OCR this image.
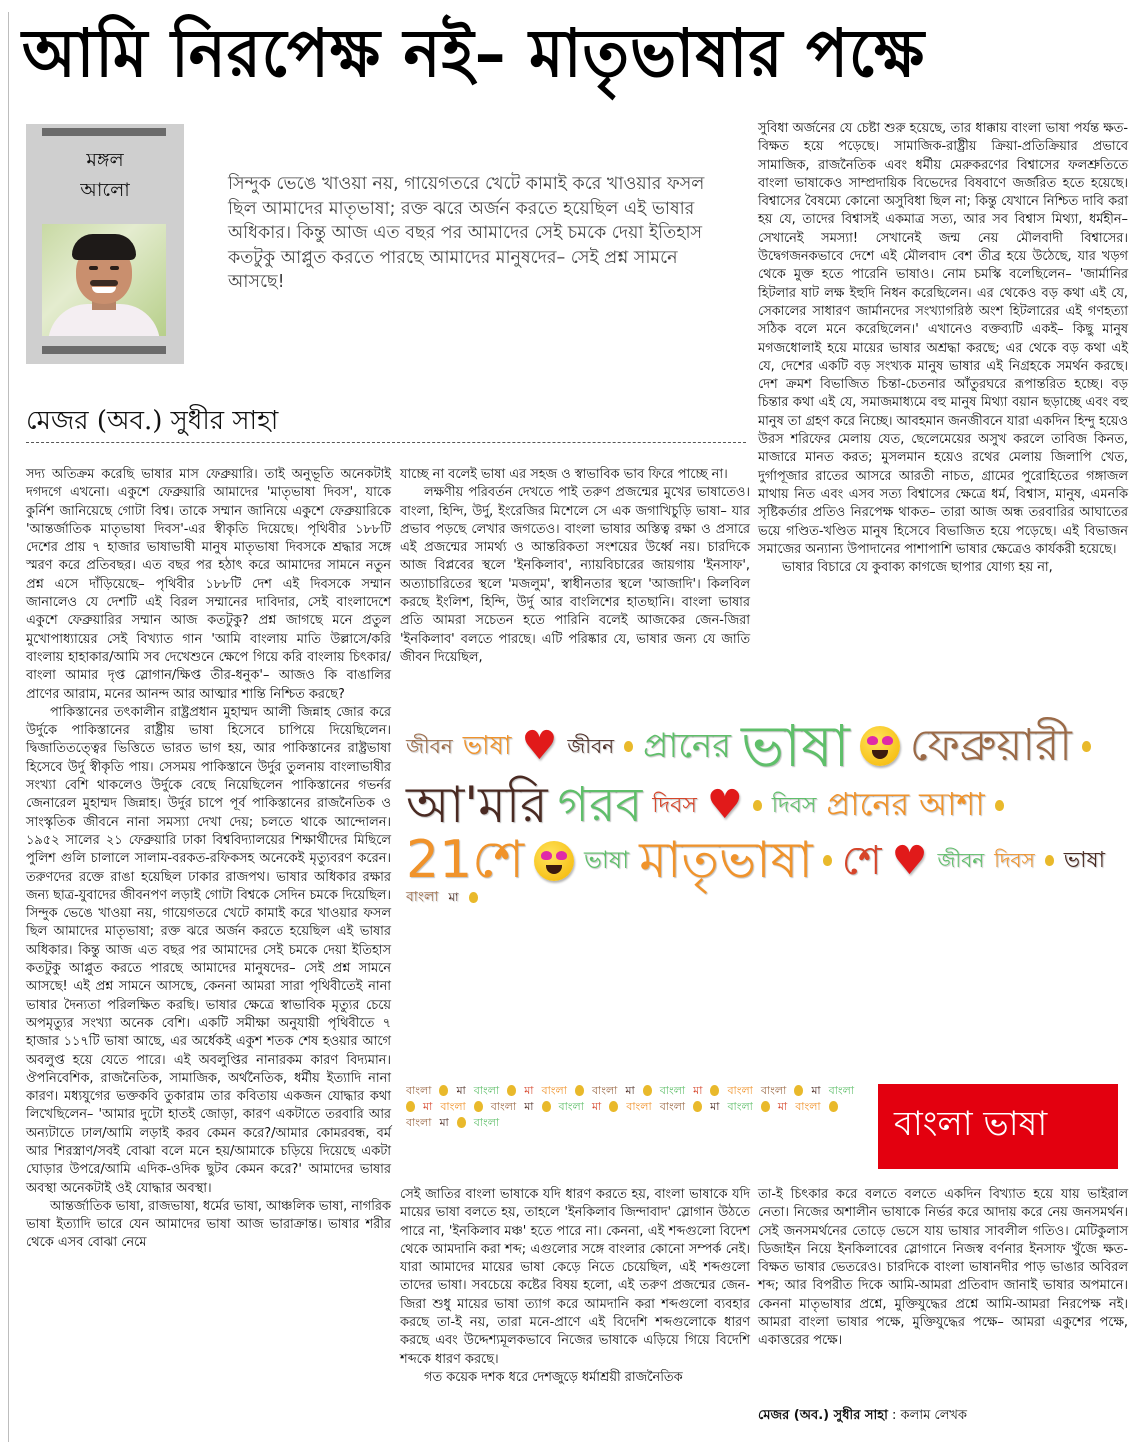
আমি নিরপেক্ষ নই– মাতৃভাষার পক্ষে
মঙ্গল
আলো	সিন্দুক ভেঙে খাওয়া নয়, গায়েগতরে খেটে কামাই করে খাওয়ার ফসল ছিল আমাদের মাতৃভাষা; রক্ত ঝরে অর্জন করতে হয়েছিল এই ভাষার অধিকার। কিন্তু আজ এত বছর পর আমাদের সেই চমকে দেয়া ইতিহাস কতটুকু আপ্লুত করতে পারছে আমাদের মানুষদের– সেই প্রশ্ন সামনে আসছে!
মেজর (অব.) সুধীর সাহা

সদ্য অতিক্রম করেছি ভাষার মাস ফেব্রুয়ারি। তাই অনুভূতি অনেকটাই দগদগে এখনো। একুশে ফেব্রুয়ারি আমাদের 'মাতৃভাষা দিবস', যাকে কুর্নিশ জানিয়েছে গোটা বিশ্ব। তাকে সম্মান জানিয়ে একুশে ফেব্রুয়ারিকে 'আন্তর্জাতিক মাতৃভাষা দিবস'-এর স্বীকৃতি দিয়েছে। পৃথিবীর ১৮৮টি দেশের প্রায় ৭ হাজার ভাষাভাষী মানুষ মাতৃভাষা দিবসকে শ্রদ্ধার সঙ্গে স্মরণ করে প্রতিবছর। এত বছর পর হঠাৎ করে আমাদের সামনে নতুন প্রশ্ন এসে দাঁড়িয়েছে– পৃথিবীর ১৮৮টি দেশ এই দিবসকে সম্মান জানালেও যে দেশটি এই বিরল সম্মানের দাবিদার, সেই বাংলাদেশে একুশে ফেব্রুয়ারির সম্মান আজ কতটুকু? প্রশ্ন জাগছে মনে প্রতুল মুখোপাধ্যায়ের সেই বিখ্যাত গান 'আমি বাংলায় মাতি উল্লাসে/করি বাংলায় হাহাকার/আমি সব দেখেশুনে ক্ষেপে গিয়ে করি বাংলায় চিৎকার/বাংলা আমার দৃপ্ত স্লোগান/ক্ষিপ্ত তীর-ধনুক'– আজও কি বাঙালির প্রাণের আরাম, মনের আনন্দ আর আত্মার শান্তি নিশ্চিত করছে?

পাকিস্তানের তৎকালীন রাষ্ট্রপ্রধান মুহাম্মদ আলী জিন্নাহ জোর করে উর্দুকে পাকিস্তানের রাষ্ট্রীয় ভাষা হিসেবে চাপিয়ে দিয়েছিলেন। দ্বিজাতিতত্ত্বের ভিত্তিতে ভারত ভাগ হয়, আর পাকিস্তানের রাষ্ট্রভাষা হিসেবে উর্দু স্বীকৃতি পায়। সেসময় পাকিস্তানে উর্দুর তুলনায় বাংলাভাষীর সংখ্যা বেশি থাকলেও উর্দুকে বেছে নিয়েছিলেন পাকিস্তানের গভর্নর জেনারেল মুহাম্মদ জিন্নাহ। উর্দুর চাপে পূর্ব পাকিস্তানের রাজনৈতিক ও সাংস্কৃতিক জীবনে নানা সমস্যা দেখা দেয়; চলতে থাকে আন্দোলন। ১৯৫২ সালের ২১ ফেব্রুয়ারি ঢাকা বিশ্ববিদ্যালয়ের শিক্ষার্থীদের মিছিলে পুলিশ গুলি চালালে সালাম-বরকত-রফিকসহ অনেকেই মৃত্যুবরণ করেন। তরুণদের রক্তে রাঙা হয়েছিল ঢাকার রাজপথ। ভাষার অধিকার রক্ষার জন্য ছাত্র-যুবাদের জীবনপণ লড়াই গোটা বিশ্বকে সেদিন চমকে দিয়েছিল। সিন্দুক ভেঙে খাওয়া নয়, গায়েগতরে খেটে কামাই করে খাওয়ার ফসল ছিল আমাদের মাতৃভাষা; রক্ত ঝরে অর্জন করতে হয়েছিল এই ভাষার অধিকার। কিন্তু আজ এত বছর পর আমাদের সেই চমকে দেয়া ইতিহাস কতটুকু আপ্লুত করতে পারছে আমাদের মানুষদের– সেই প্রশ্ন সামনে আসছে! এই প্রশ্ন সামনে আসছে, কেননা আমরা সারা পৃথিবীতেই নানা ভাষার দৈন্যতা পরিলক্ষিত করছি। ভাষার ক্ষেত্রে স্বাভাবিক মৃত্যুর চেয়ে অপমৃত্যুর সংখ্যা অনেক বেশি। একটি সমীক্ষা অনুযায়ী পৃথিবীতে ৭ হাজার ১১৭টি ভাষা আছে, এর অর্ধেকই একুশ শতক শেষ হওয়ার আগে অবলুপ্ত হয়ে যেতে পারে। এই অবলুপ্তির নানারকম কারণ বিদ্যমান। ঔপনিবেশিক, রাজনৈতিক, সামাজিক, অর্থনৈতিক, ধর্মীয় ইত্যাদি নানা কারণ। মধ্যযুগের ভক্তকবি তুকারাম তার কবিতায় একজন যোদ্ধার কথা লিখেছিলেন– 'আমার দুটো হাতই জোড়া, কারণ একটাতে তরবারি আর অন্যটাতে ঢাল/আমি লড়াই করব কেমন করে?/আমার কোমরবন্ধ, বর্ম আর শিরস্ত্রাণ/সবই বোঝা বলে মনে হয়/আমাকে চড়িয়ে দিয়েছে একটা ঘোড়ার উপরে/আমি এদিক-ওদিক ছুটব কেমন করে?' আমাদের ভাষার অবস্থা অনেকটাই ওই যোদ্ধার অবস্থা।

আন্তর্জাতিক ভাষা, রাজভাষা, ধর্মের ভাষা, আঞ্চলিক ভাষা, নাগরিক ভাষা ইত্যাদি ভারে যেন আমাদের ভাষা আজ ভারাক্রান্ত। ভাষার শরীর থেকে এসব বোঝা নেমে

যাচ্ছে না বলেই ভাষা এর সহজ ও স্বাভাবিক ভাব ফিরে পাচ্ছে না।

লক্ষণীয় পরিবর্তন দেখতে পাই তরুণ প্রজন্মের মুখের ভাষাতেও। বাংলা, হিন্দি, উর্দু, ইংরেজির মিশেলে সে এক জগাখিচুড়ি ভাষা– যার প্রভাব পড়ছে লেখার জগতেও। বাংলা ভাষার অস্তিত্ব রক্ষা ও প্রসারে এই প্রজন্মের সামর্থ্য ও আন্তরিকতা সংশয়ের উর্ধ্বে নয়। চারদিকে আজ বিপ্লবের স্থলে 'ইনকিলাব', ন্যায়বিচারের জায়গায় 'ইনসাফ', অত্যাচারিতের স্থলে 'মজলুম', স্বাধীনতার স্থলে 'আজাদি'। কিলবিল করছে ইংলিশ, হিন্দি, উর্দু আর বাংলিশের হাতছানি। বাংলা ভাষার প্রতি আমরা সচেতন হতে পারিনি বলেই আজকের জেন-জিরা 'ইনকিলাব' বলতে পারছে। এটি পরিষ্কার যে, ভাষার জন্য যে জাতি জীবন দিয়েছিল,

সুবিধা অর্জনের যে চেষ্টা শুরু হয়েছে, তার ধাক্কায় বাংলা ভাষা পর্যন্ত ক্ষত-বিক্ষত হয়ে পড়েছে। সামাজিক-রাষ্ট্রীয় ক্রিয়া-প্রতিক্রিয়ার প্রভাবে সামাজিক, রাজনৈতিক এবং ধর্মীয় মেরুকরণের বিশ্বাসের ফলশ্রুতিতে বাংলা ভাষাকেও সাম্প্রদায়িক বিভেদের বিষবাণে জর্জরিত হতে হয়েছে। বিশ্বাসের বৈষম্যে কোনো অসুবিধা ছিল না; কিন্তু যেখানে নিশ্চিত দাবি করা হয় যে, তাদের বিশ্বাসই একমাত্র সত্য, আর সব বিশ্বাস মিথ্যা, ধর্মহীন– সেখানেই সমস্যা! সেখানেই জন্ম নেয় মৌলবাদী বিশ্বাসের। উদ্বেগজনকভাবে দেশে এই মৌলবাদ বেশ তীব্র হয়ে উঠেছে, যার খড়গ থেকে মুক্ত হতে পারেনি ভাষাও। নোম চমস্কি বলেছিলেন– 'জার্মানির হিটলার ষাট লক্ষ ইহুদি নিধন করেছিলেন। এর থেকেও বড় কথা এই যে, সেকালের সাধারণ জার্মানদের সংখ্যাগরিষ্ঠ অংশ হিটলারের এই গণহত্যা সঠিক বলে মনে করেছিলেন।' এখানেও বক্তব্যটি একই– কিছু মানুষ মগজধোলাই হয়ে মায়ের ভাষার অশ্রদ্ধা করছে; এর থেকে বড় কথা এই যে, দেশের একটি বড় সংখ্যক মানুষ ভাষার এই নিগ্রহকে সমর্থন করছে। দেশ ক্রমশ বিভাজিত চিন্তা-চেতনার আঁতুরঘরে রূপান্তরিত হচ্ছে। বড় চিন্তার কথা এই যে, সমাজমাধ্যমে বহু মানুষ মিথ্যা বয়ান ছড়াচ্ছে এবং বহু মানুষ তা গ্রহণ করে নিচ্ছে। আবহমান জনজীবনে যারা একদিন হিন্দু হয়েও উরস শরিফের মেলায় যেত, ছেলেমেয়ের অসুখ করলে তাবিজ কিনত, মাজারে মানত করত; মুসলমান হয়েও রথের মেলায় জিলাপি খেত, দুর্গাপূজার রাতের আসরে আরতী নাচত, গ্রামের পুরোহিতের গঙ্গাজল মাথায় নিত এবং এসব সত্য বিশ্বাসের ক্ষেত্রে ধর্ম, বিশ্বাস, মানুষ, এমনকি সৃষ্টিকর্তার প্রতিও নিরপেক্ষ থাকত– তারা আজ অন্ধ তরবারির আঘাতের ভয়ে গণ্ডিত-খণ্ডিত মানুষ হিসেবে বিভাজিত হয়ে পড়েছে। এই বিভাজন সমাজের অন্যান্য উপাদানের পাশাপাশি ভাষার ক্ষেত্রেও কার্যকরী হয়েছে।

ভাষার বিচারে যে কুবাক্য কাগজে ছাপার যোগ্য হয় না,

জীবন ভাষা ♥ জীবন প্রানের ভাষা ফেব্রুয়ারী
আ'মরি গরব দিবস ♥ দিবস প্রানের আশা
21শে	ভাষা মাতৃভাষা শে ♥ জীবন দিবস ভাষা
বাংলা মা
বাংলা মা বাংলা মা বাংলা বাংলা মা বাংলা মা বাংলা বাংলা মা বাংলা
মা বাংলা বাংলা মা বাংলা মা বাংলা বাংলা মা বাংলা মা বাংলা
বাংলা মা বাংলা	বাংলা ভাষা

সেই জাতির বাংলা ভাষাকে যদি ধারণ করতে হয়, বাংলা ভাষাকে যদি মায়ের ভাষা বলতে হয়, তাহলে 'ইনকিলাব জিন্দাবাদ' স্লোগান উঠতে পারে না, 'ইনকিলাব মঞ্চ' হতে পারে না। কেননা, এই শব্দগুলো বিদেশ থেকে আমদানি করা শব্দ; এগুলোর সঙ্গে বাংলার কোনো সম্পর্ক নেই। যারা আমাদের মায়ের ভাষা কেড়ে নিতে চেয়েছিল, এই শব্দগুলো তাদের ভাষা। সবচেয়ে কষ্টের বিষয় হলো, এই তরুণ প্রজন্মের জেন-জিরা শুধু মায়ের ভাষা ত্যাগ করে আমদানি করা শব্দগুলো ব্যবহার করছে তা-ই নয়, তারা মনে-প্রাণে এই বিদেশি শব্দগুলোকে ধারণ করছে এবং উদ্দেশ্যমূলকভাবে নিজের ভাষাকে এড়িয়ে গিয়ে বিদেশি শব্দকে ধারণ করছে।

গত কয়েক দশক ধরে দেশজুড়ে ধর্মাশ্রয়ী রাজনৈতিক

তা-ই চিৎকার করে বলতে বলতে একদিন বিখ্যাত হয়ে যায় ভাইরাল নেতা। নিজের অশালীন ভাষাকে নির্ভর করে আদায় করে নেয় জনসমর্থন। সেই জনসমর্থনের তোড়ে ভেসে যায় ভাষার সাবলীল গতিও। মেটিকুলাস ডিজাইন নিয়ে ইনকিলাবের স্লোগানে নিজস্ব বর্ণনার ইনসাফ খুঁজে ক্ষত-বিক্ষত ভাষার ভেতরেও। চারদিকে বাংলা ভাষানদীর পাড় ভাঙার অবিরল শব্দ; আর বিপরীত দিকে আমি-আমরা প্রতিবাদ জানাই ভাষার অপমানে। কেননা মাতৃভাষার প্রশ্নে, মুক্তিযুদ্ধের প্রশ্নে আমি-আমরা নিরপেক্ষ নই। আমরা বাংলা ভাষার পক্ষে, মুক্তিযুদ্ধের পক্ষে– আমরা একুশের পক্ষে, একাত্তরের পক্ষে।

মেজর (অব.) সুধীর সাহা : কলাম লেখক
